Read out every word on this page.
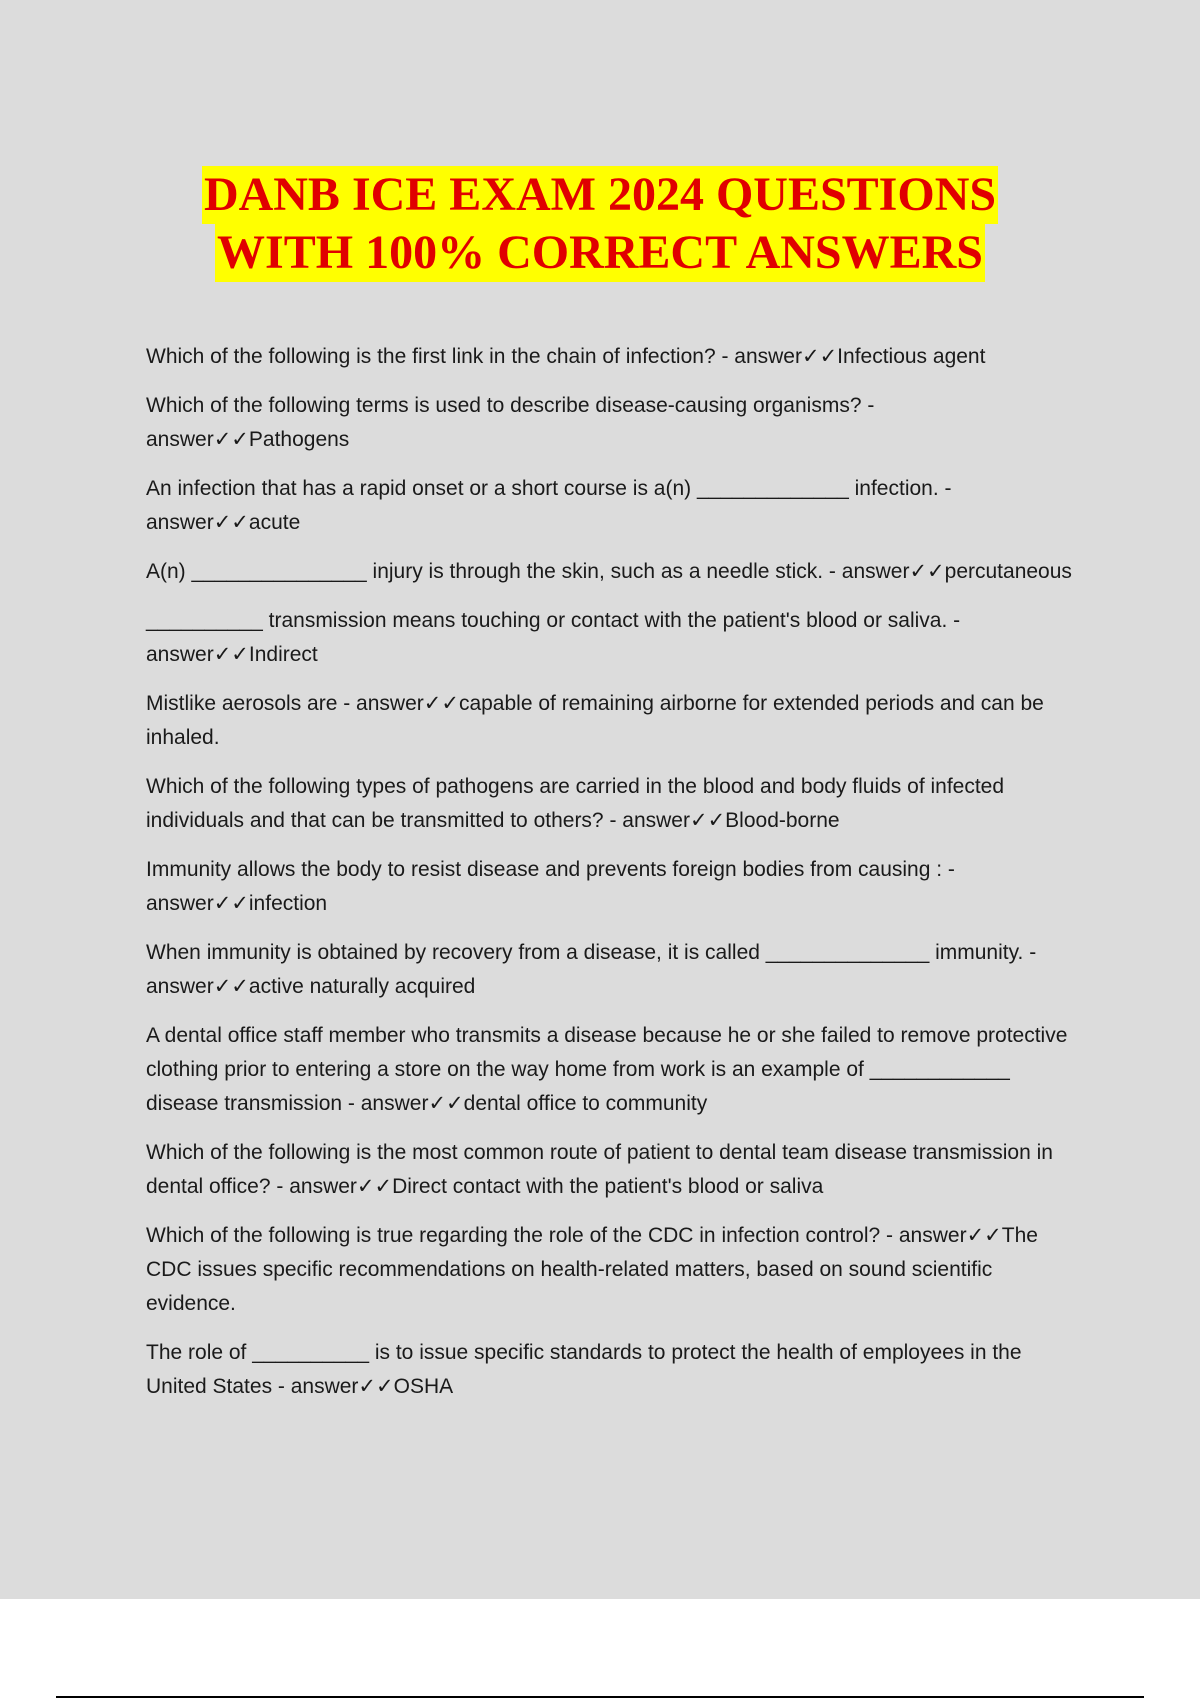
DANB ICE EXAM 2024 QUESTIONS
WITH 100% CORRECT ANSWERS
Which of the following is the first link in the chain of infection? - answer✓✓Infectious agent
Which of the following terms is used to describe disease-causing organisms? - answer✓✓Pathogens
An infection that has a rapid onset or a short course is a(n) _____________ infection. - answer✓✓acute
A(n) _______________ injury is through the skin, such as a needle stick. - answer✓✓percutaneous
__________ transmission means touching or contact with the patient's blood or saliva. - answer✓✓Indirect
Mistlike aerosols are - answer✓✓capable of remaining airborne for extended periods and can be inhaled.
Which of the following types of pathogens are carried in the blood and body fluids of infected individuals and that can be transmitted to others? - answer✓✓Blood-borne
Immunity allows the body to resist disease and prevents foreign bodies from causing : - answer✓✓infection
When immunity is obtained by recovery from a disease, it is called ______________ immunity. - answer✓✓active naturally acquired
A dental office staff member who transmits a disease because he or she failed to remove protective clothing prior to entering a store on the way home from work is an example of ____________ disease transmission - answer✓✓dental office to community
Which of the following is the most common route of patient to dental team disease transmission in dental office? - answer✓✓Direct contact with the patient's blood or saliva
Which of the following is true regarding the role of the CDC in infection control? - answer✓✓The CDC issues specific recommendations on health-related matters, based on sound scientific evidence.
The role of __________ is to issue specific standards to protect the health of employees in the United States - answer✓✓OSHA
